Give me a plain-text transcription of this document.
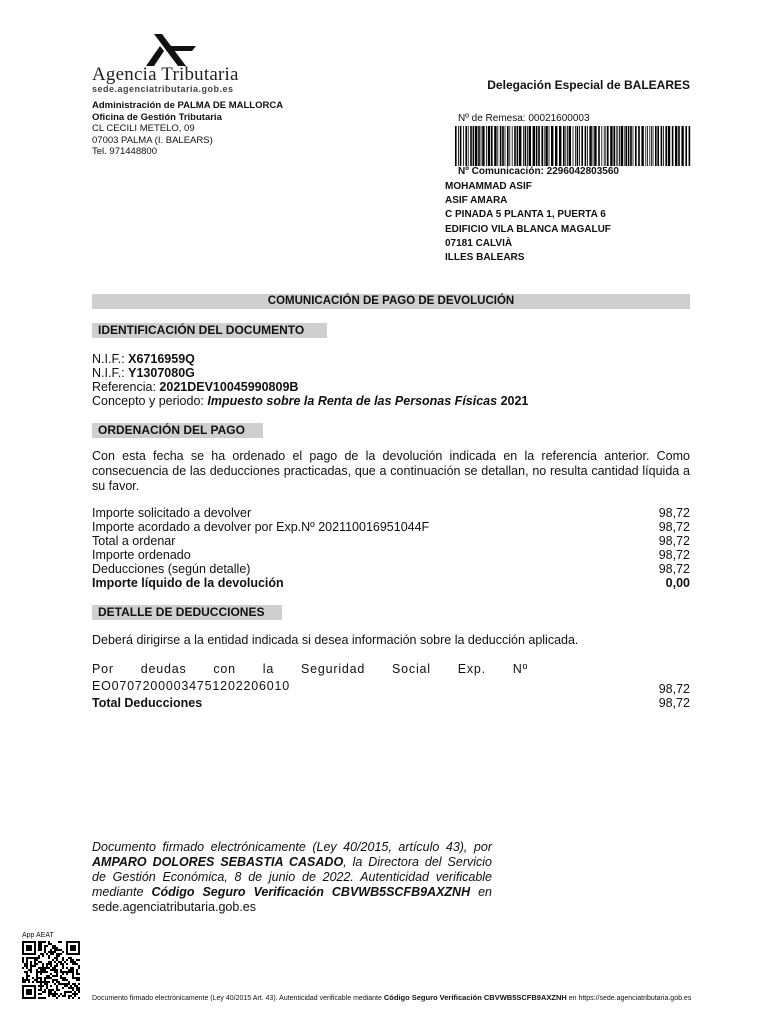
Agencia Tributaria
sede.agenciatributaria.gob.es	Delegación Especial de BALEARES
Administración de PALMA DE MALLORCA
Oficina de Gestión Tributaria
CL CECILI METELO, 09
07003 PALMA (I. BALEARS)
Tel. 971448800
Nº de Remesa: 00021600003
Nº Comunicación: 2296042803560
MOHAMMAD ASIF
ASIF AMARA
C PINADA 5 PLANTA 1, PUERTA 6
EDIFICIO VILA BLANCA MAGALUF
07181 CALVIÀ
ILLES BALEARS
COMUNICACIÓN DE PAGO DE DEVOLUCIÓN
IDENTIFICACIÓN DEL DOCUMENTO
N.I.F.: X6716959Q
N.I.F.: Y1307080G
Referencia: 2021DEV10045990809B
Concepto y periodo: Impuesto sobre la Renta de las Personas Físicas 2021
ORDENACIÓN DEL PAGO
Con esta fecha se ha ordenado el pago de la devolución indicada en la referencia anterior. Como consecuencia de las deducciones practicadas, que a continuación se detallan, no resulta cantidad líquida a su favor.
Importe solicitado a devolver	98,72
Importe acordado a devolver por Exp.Nº 202110016951044F	98,72
Total a ordenar	98,72
Importe ordenado	98,72
Deducciones (según detalle)	98,72
Importe líquido de la devolución	0,00
DETALLE DE DEDUCCIONES
Deberá dirigirse a la entidad indicada si desea información sobre la deducción aplicada.
Por deudas con la Seguridad Social Exp. Nº
EO07072000034751202206010	98,72
Total Deducciones	98,72
Documento firmado electrónicamente (Ley 40/2015, artículo 43), por AMPARO DOLORES SEBASTIA CASADO, la Directora del Servicio de Gestión Económica, 8 de junio de 2022. Autenticidad verificable mediante Código Seguro Verificación CBVWB5SCFB9AXZNH en sede.agenciatributaria.gob.es
App AEAT
Documento firmado electrónicamente (Ley 40/2015 Art. 43). Autenticidad verificable mediante Código Seguro Verificación CBVWB5SCFB9AXZNH en https://sede.agenciatributaria.gob.es
